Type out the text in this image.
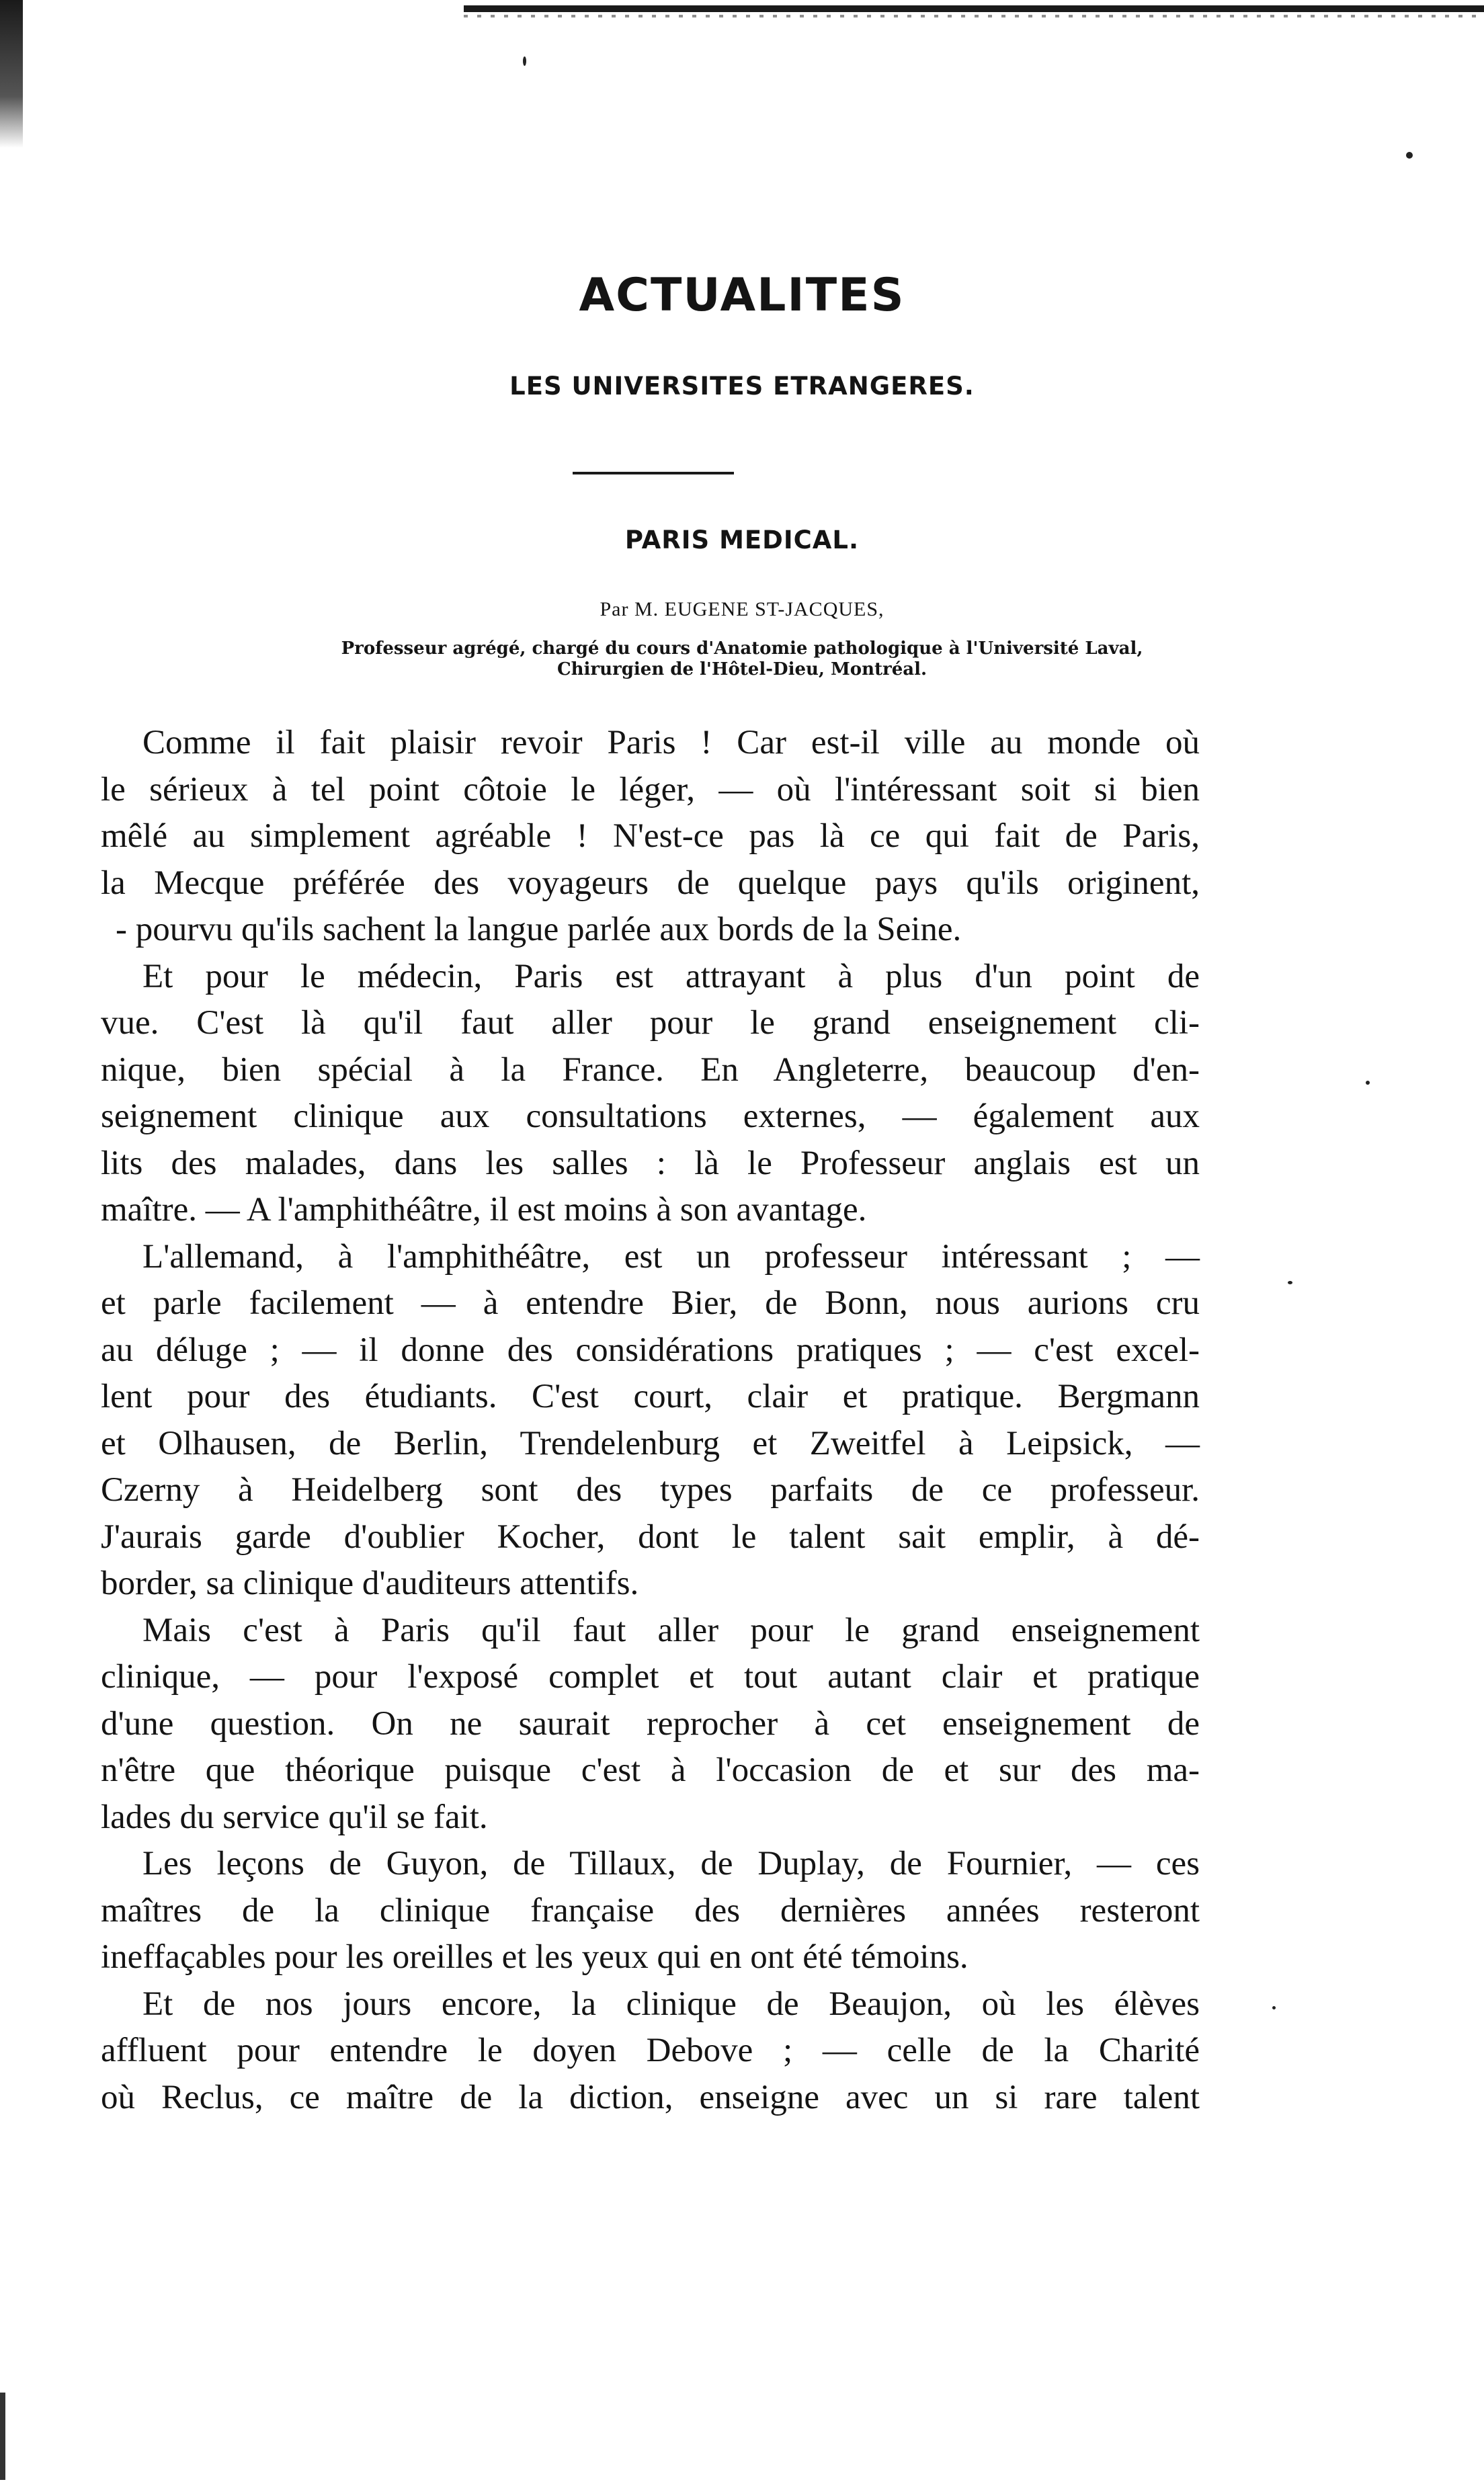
ACTUALITES
LES UNIVERSITES ETRANGERES.
PARIS MEDICAL.
Par M. EUGENE ST-JACQUES,
Professeur agrégé, chargé du cours d'Anatomie pathologique à l'Université Laval,
Chirurgien de l'Hôtel-Dieu, Montréal.
Comme il fait plaisir revoir Paris ! Car est-il ville au monde où
le sérieux à tel point côtoie le léger, — où l'intéressant soit si bien
mêlé au simplement agréable ! N'est-ce pas là ce qui fait de Paris,
la Mecque préférée des voyageurs de quelque pays qu'ils originent,
- pourvu qu'ils sachent la langue parlée aux bords de la Seine.
Et pour le médecin, Paris est attrayant à plus d'un point de
vue. C'est là qu'il faut aller pour le grand enseignement cli-
nique, bien spécial à la France. En Angleterre, beaucoup d'en-
seignement clinique aux consultations externes, — également aux
lits des malades, dans les salles : là le Professeur anglais est un
maître. — A l'amphithéâtre, il est moins à son avantage.
L'allemand, à l'amphithéâtre, est un professeur intéressant ; —
et parle facilement — à entendre Bier, de Bonn, nous aurions cru
au déluge ; — il donne des considérations pratiques ; — c'est excel-
lent pour des étudiants. C'est court, clair et pratique. Bergmann
et Olhausen, de Berlin, Trendelenburg et Zweitfel à Leipsick, —
Czerny à Heidelberg sont des types parfaits de ce professeur.
J'aurais garde d'oublier Kocher, dont le talent sait emplir, à dé-
border, sa clinique d'auditeurs attentifs.
Mais c'est à Paris qu'il faut aller pour le grand enseignement
clinique, — pour l'exposé complet et tout autant clair et pratique
d'une question. On ne saurait reprocher à cet enseignement de
n'être que théorique puisque c'est à l'occasion de et sur des ma-
lades du service qu'il se fait.
Les leçons de Guyon, de Tillaux, de Duplay, de Fournier, — ces
maîtres de la clinique française des dernières années resteront
ineffaçables pour les oreilles et les yeux qui en ont été témoins.
Et de nos jours encore, la clinique de Beaujon, où les élèves
affluent pour entendre le doyen Debove ; — celle de la Charité
où Reclus, ce maître de la diction, enseigne avec un si rare talent
